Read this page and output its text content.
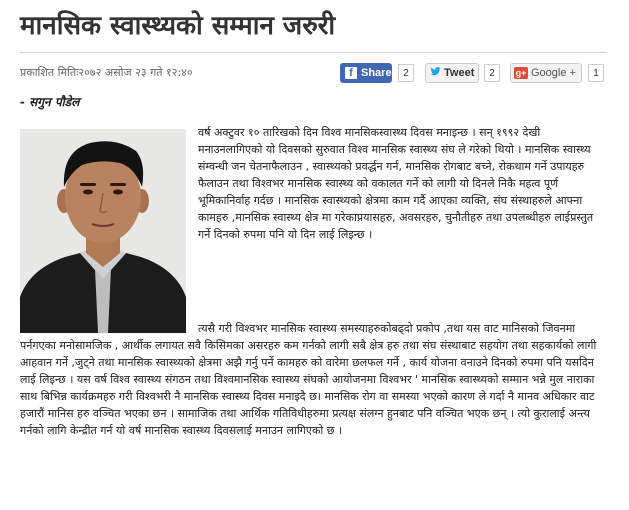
मानसिक स्वास्थ्यको सम्मान जरुरी
प्रकाशित मितिः२०७२ असोज २३ गते १२:४०	f Share	2	Tweet	2	g+ Google +	1
- सगुन पौडेल

वर्ष अक्टुवर १० तारिखको दिन विश्व मानसिकस्वास्थ्य दिवस मनाइन्छ । सन् १९९२ देखी मनाउनलागिएको यो दिवसको सुरुवात विश्व मानसिक स्वास्थ्य संघ ले गरेको थियो । मानसिक स्वास्थ्य संम्वन्धी जन चेतनाफैलाउन , स्वास्थ्यको प्रवर्द्धन गर्न, मानसिक रोगबाट बच्ने, रोकथाम गर्ने उपायहरु फैलाउन तथा विश्वभर मानसिक स्वास्थ्य को वकालत गर्ने को लागी यो दिनले निकै महत्व पूर्ण भूमिकानिर्वाह गर्दछ । मानसिक स्वास्थ्यको क्षेत्रमा काम गर्दै आएका व्यक्ति, संघ संस्थाहरुले आफ्ना कामहरु ,मानसिक स्वास्थ्य क्षेत्र मा गरेकाप्रयासहरु, अवसरहरु, चुनौतीहरु तथा उपलब्धीहरु लाईप्रस्तुत गर्ने दिनको रुपमा पनि यो दिन लाई लिइन्छ ।

त्यसै गरी विश्वभर मानसिक स्वास्थ्य समस्याहरुकोबढ्दो प्रकोप ,तथा यस वाट मानिसको जिवनमा पर्नगएका मनोसामजिक , आर्थीक लगायत सवै किसिमका असरहरु कम गर्नको लागी सबै क्षेत्र हरु तथा संघ संस्थाबाट सहयोग तथा सहकार्यको लागी आहवान गर्ने ,जुट्ने तथा मानसिक स्वास्थ्यको क्षेत्रमा अझै गर्नु पर्ने कामहरु को वारेमा छलफल गर्ने , कार्य योजना वनाउने दिनको रुपमा पनि यसदिन लाई लिइन्छ । यस वर्ष विश्व स्वास्थ्य संगठन तथा विश्वमानसिक स्वास्थ्य संघको आयोजनमा विश्वभर ' मानसिक स्वास्थ्यको सम्मान भन्ने मुल नाराका साथ बिभिन्न कार्यक्रमहरु गरी विश्वभरी नै मानसिक स्वास्थ्य दिवस मनाइदै छ। मानसिक रोग वा समस्या भएको कारण ले गर्दा नै मानव अधिकार वाट हजारौं मानिस हरु वञ्चित भएका छन । सामाजिक तथा आर्थिक गतिविधीहरुमा प्रत्यक्ष संलग्न हुनबाट पनि वञ्चित भएक छन् । त्यो कुरालाई अन्त्य गर्नको लागि केन्द्रीत गर्न यो वर्ष मानसिक स्वास्थ्य दिवसलाई मनाउन लागिएको छ ।
